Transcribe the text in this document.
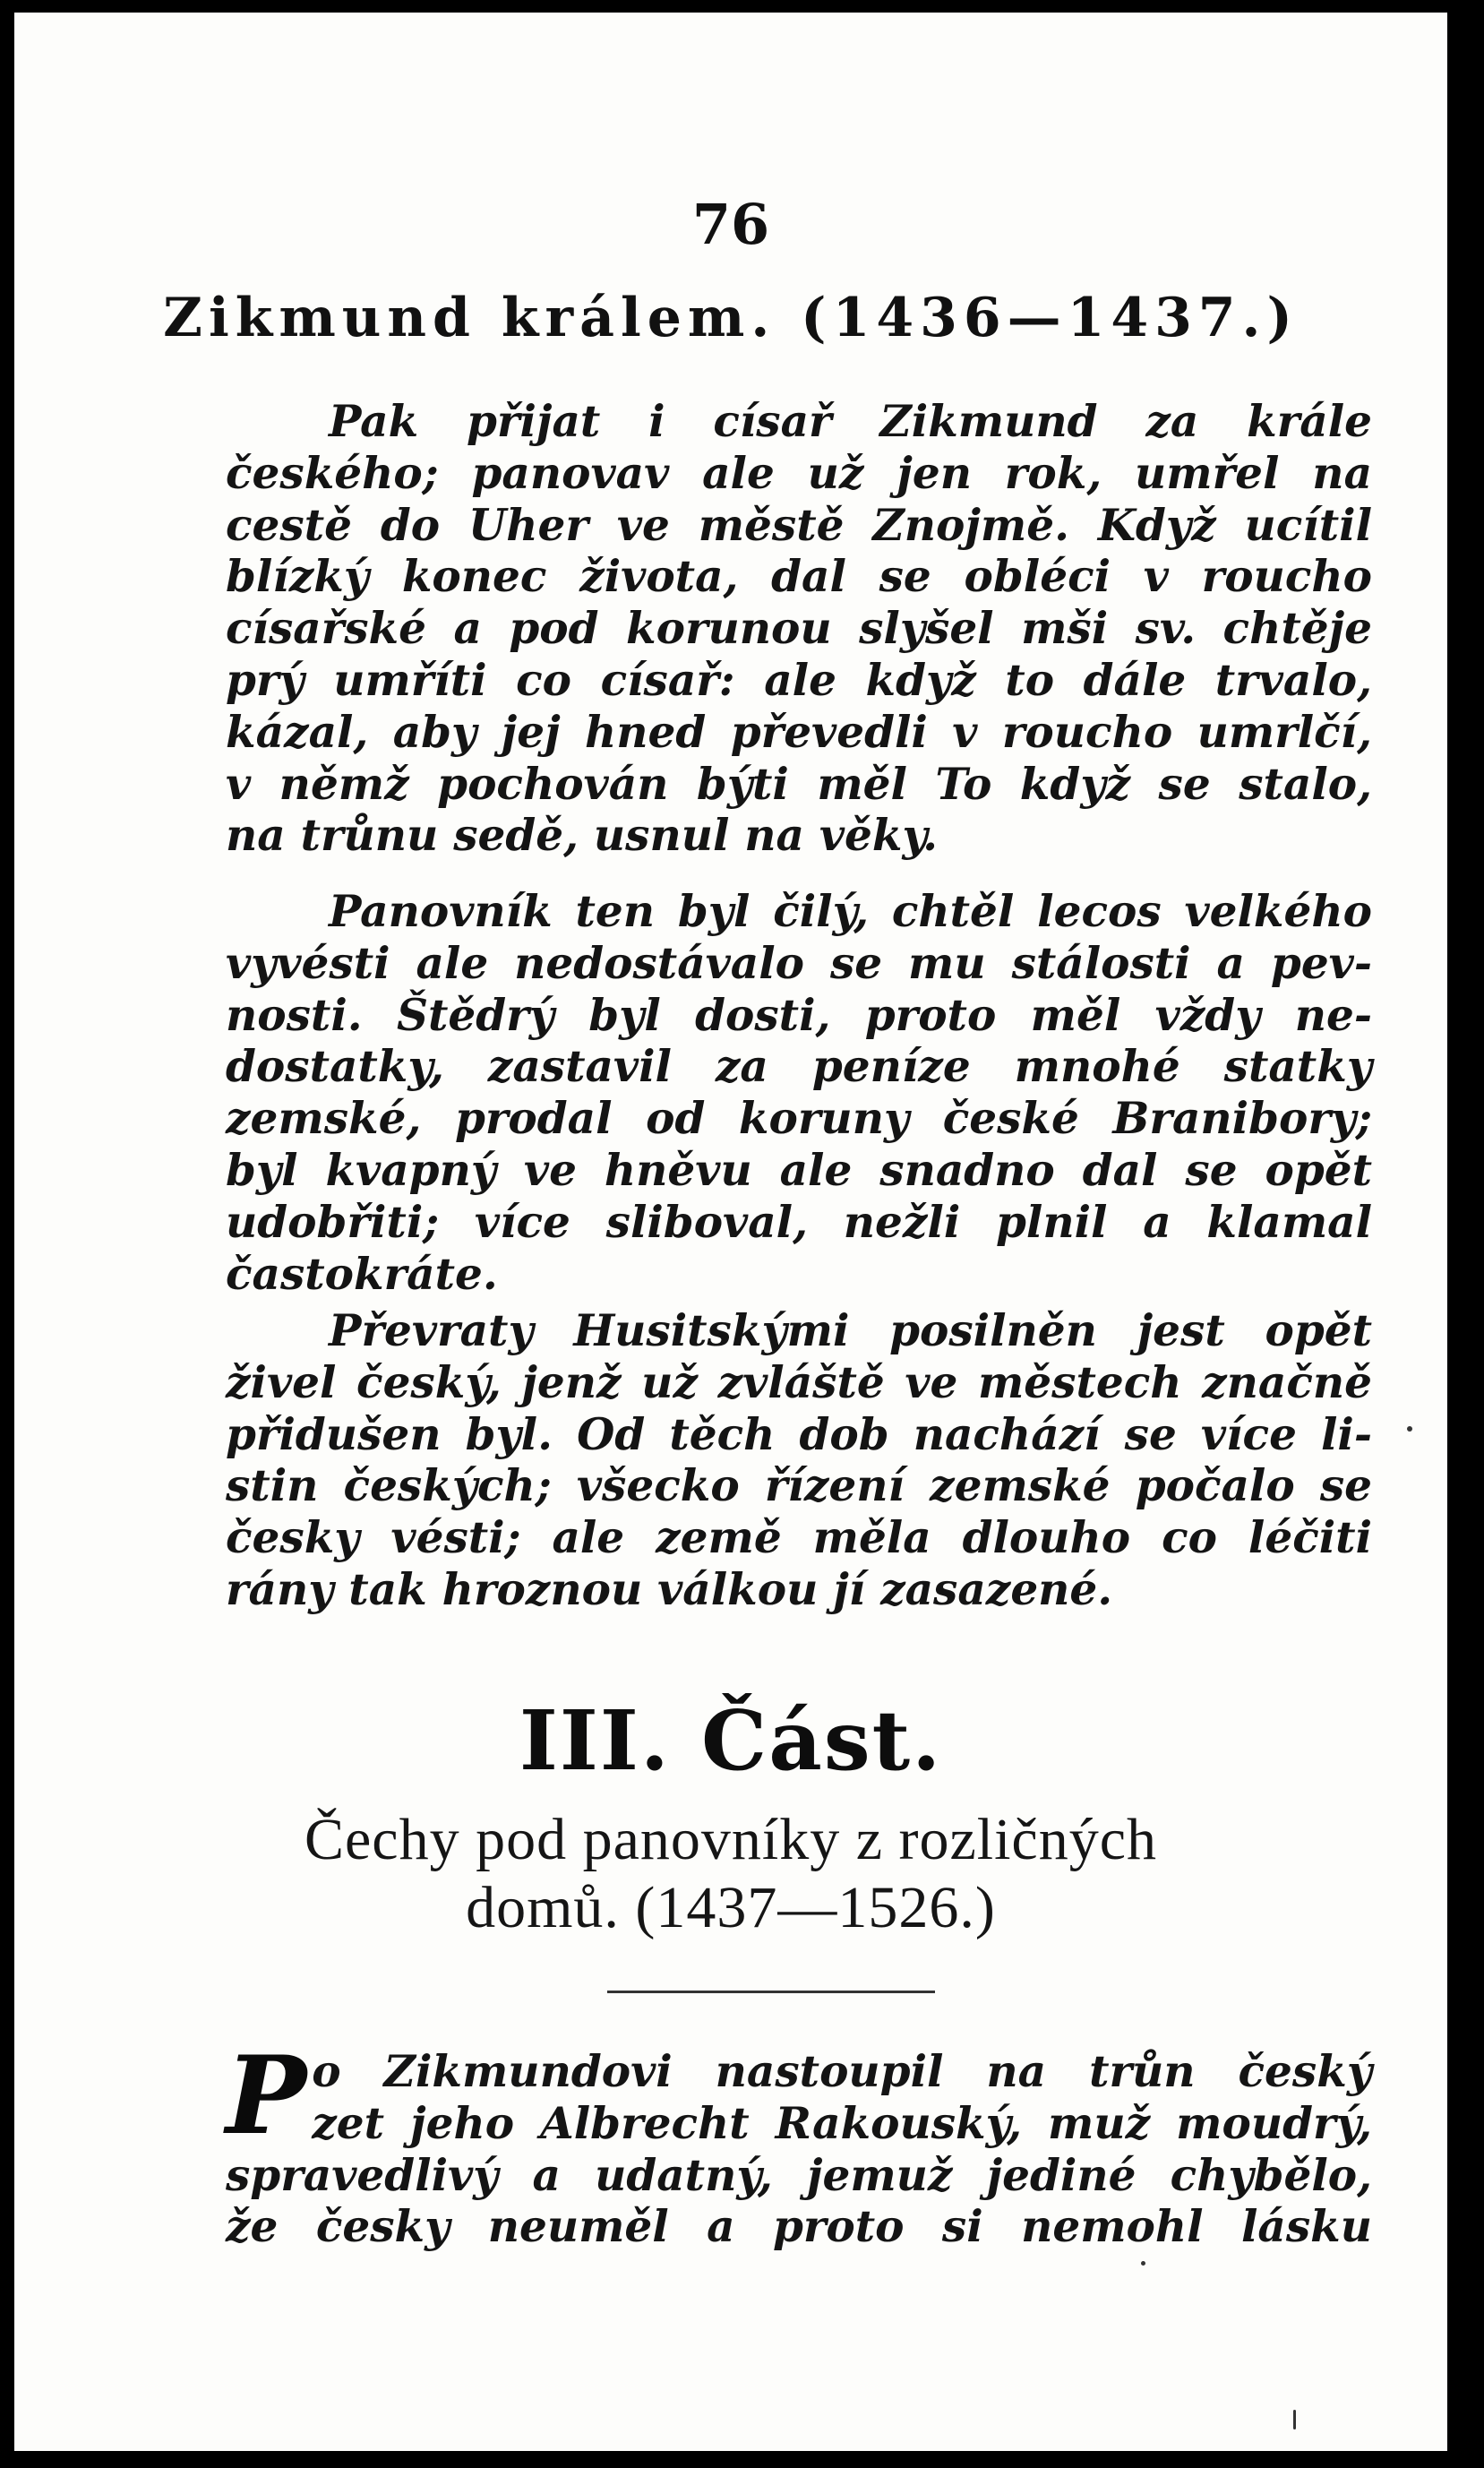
76
Zikmund králem. (1436—1437.)
Pak přijat i císař Zikmund za krále
českého; panovav ale už jen rok, umřel na
cestě do Uher ve městě Znojmě. Když ucítil
blízký konec života, dal se obléci v roucho
císařské a pod korunou slyšel mši sv. chtěje
prý umříti co císař: ale když to dále trvalo,
kázal, aby jej hned převedli v roucho umrlčí,
v němž pochován býti měl To když se stalo,
na trůnu sedě, usnul na věky.
Panovník ten byl čilý, chtěl lecos velkého
vyvésti ale nedostávalo se mu stálosti a pev-
nosti. Štědrý byl dosti, proto měl vždy ne-
dostatky, zastavil za peníze mnohé statky
zemské, prodal od koruny české Branibory;
byl kvapný ve hněvu ale snadno dal se opět
udobřiti; více sliboval, nežli plnil a klamal
častokráte.
Převraty Husitskými posilněn jest opět
živel český, jenž už zvláště ve městech značně
přidušen byl. Od těch dob nachází se více li-
stin českých; všecko řízení zemské počalo se
česky vésti; ale země měla dlouho co léčiti
rány tak hroznou válkou jí zasazené.
III. Část.
Čechy pod panovníky z rozličných
domů. (1437—1526.)
P o Zikmundovi nastoupil na trůn český
zet jeho Albrecht Rakouský, muž moudrý,
spravedlivý a udatný, jemuž jediné chybělo,
že česky neuměl a proto si nemohl lásku
